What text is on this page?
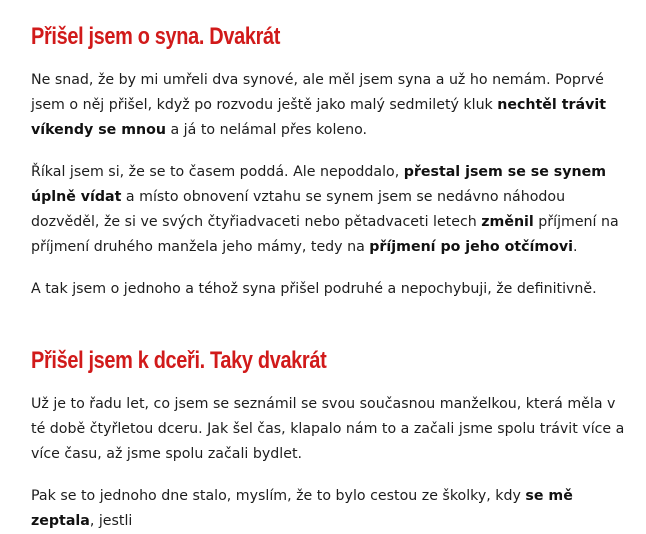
Přišel jsem o syna. Dvakrát

Ne snad, že by mi umřeli dva synové, ale měl jsem syna a už ho nemám. Poprvé jsem o něj přišel, když po rozvodu ještě jako malý sedmiletý kluk nechtěl trávit víkendy se mnou a já to nelámal přes koleno.

Říkal jsem si, že se to časem poddá. Ale nepoddalo, přestal jsem se se synem úplně vídat a místo obnovení vztahu se synem jsem se nedávno náhodou dozvěděl, že si ve svých čtyřiadvaceti nebo pětadvaceti letech změnil příjmení na příjmení druhého manžela jeho mámy, tedy na příjmení po jeho otčímovi.

A tak jsem o jednoho a téhož syna přišel podruhé a nepochybuji, že definitivně.

Přišel jsem k dceři. Taky dvakrát

Už je to řadu let, co jsem se seznámil se svou současnou manželkou, která měla v té době čtyřletou dceru. Jak šel čas, klapalo nám to a začali jsme spolu trávit více a více času, až jsme spolu začali bydlet.

Pak se to jednoho dne stalo, myslím, že to bylo cestou ze školky, kdy se mě zeptala, jestli
